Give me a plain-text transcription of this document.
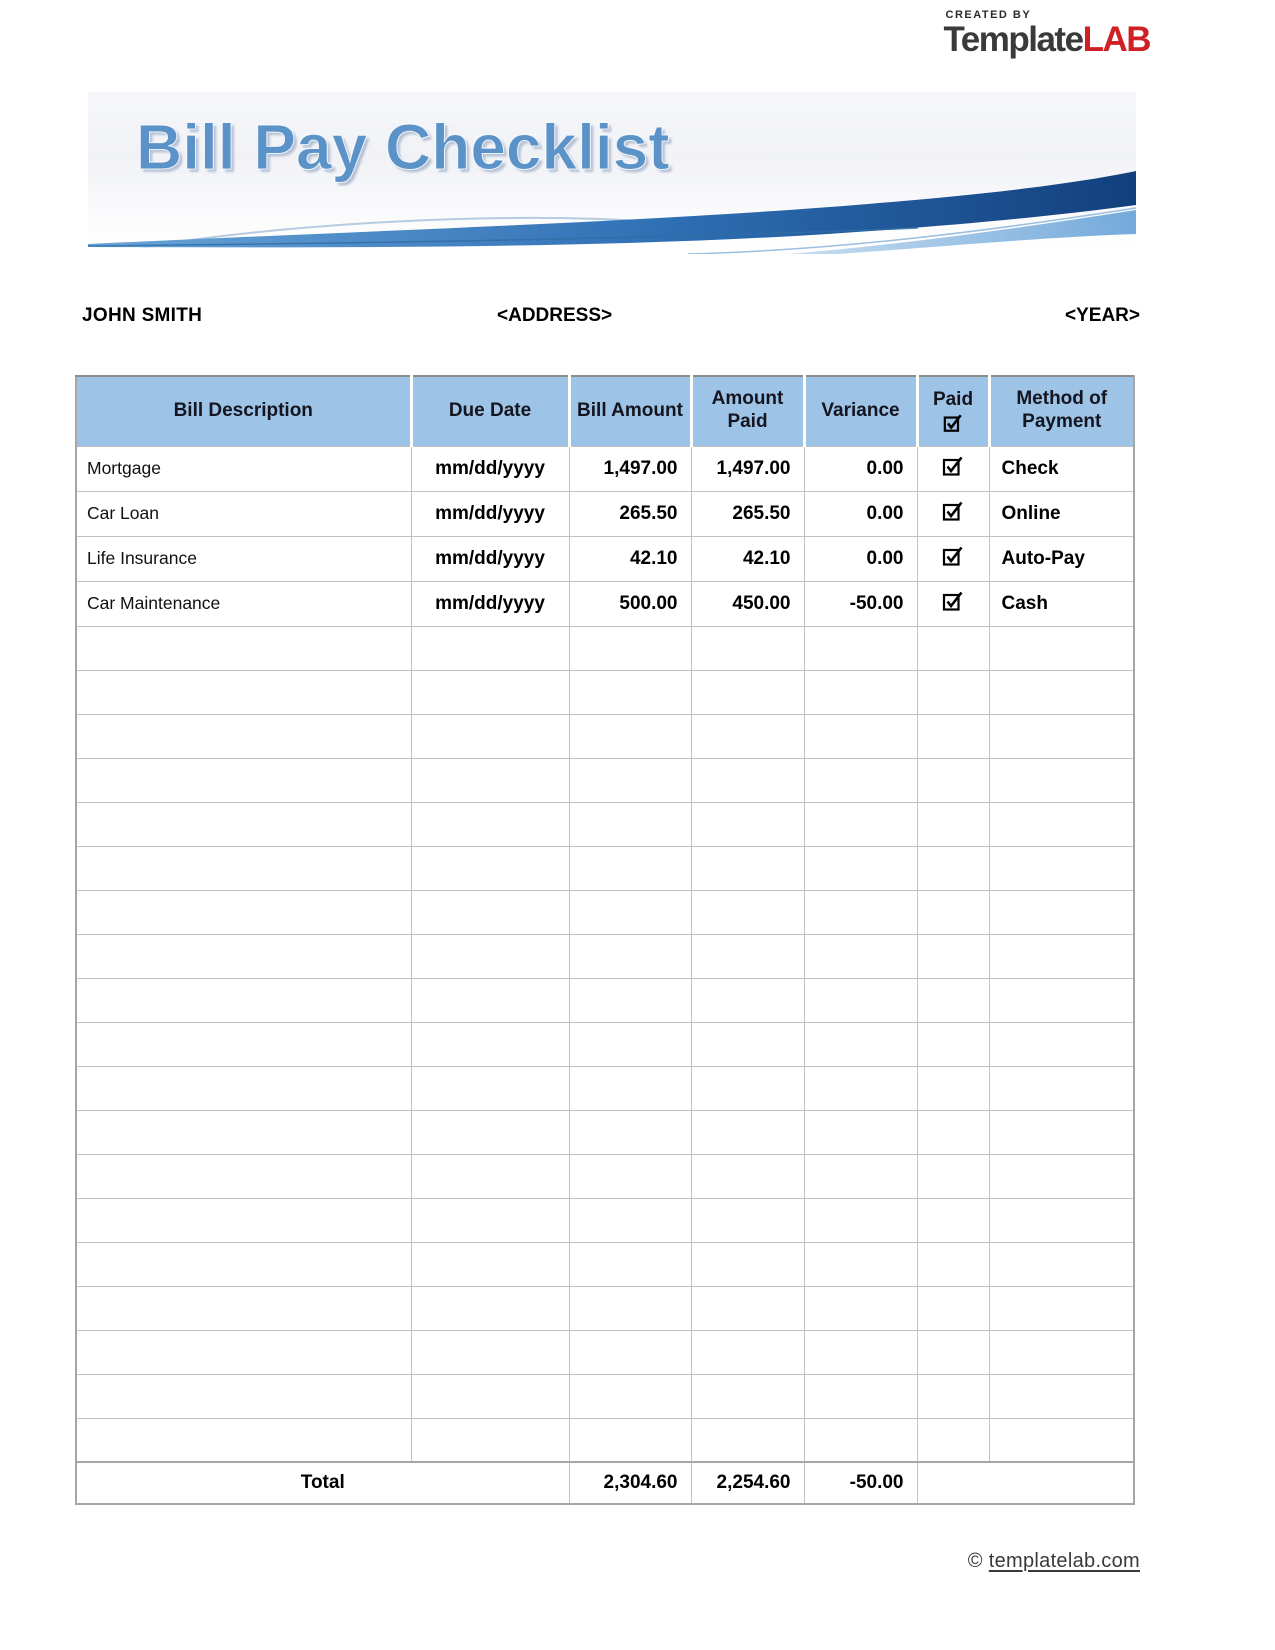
CREATED BY
TemplateLAB
Bill Pay Checklist
JOHN SMITH	<ADDRESS>	<YEAR>
Bill Description	Due Date	Bill Amount	Amount Paid	Variance	Paid	Method of Payment
Mortgage	mm/dd/yyyy	1,497.00	1,497.00	0.00		Check
Car Loan	mm/dd/yyyy	265.50	265.50	0.00		Online
Life Insurance	mm/dd/yyyy	42.10	42.10	0.00		Auto-Pay
Car Maintenance	mm/dd/yyyy	500.00	450.00	-50.00		Cash

Total		2,304.60	2,254.60	-50.00		
© templatelab.com
